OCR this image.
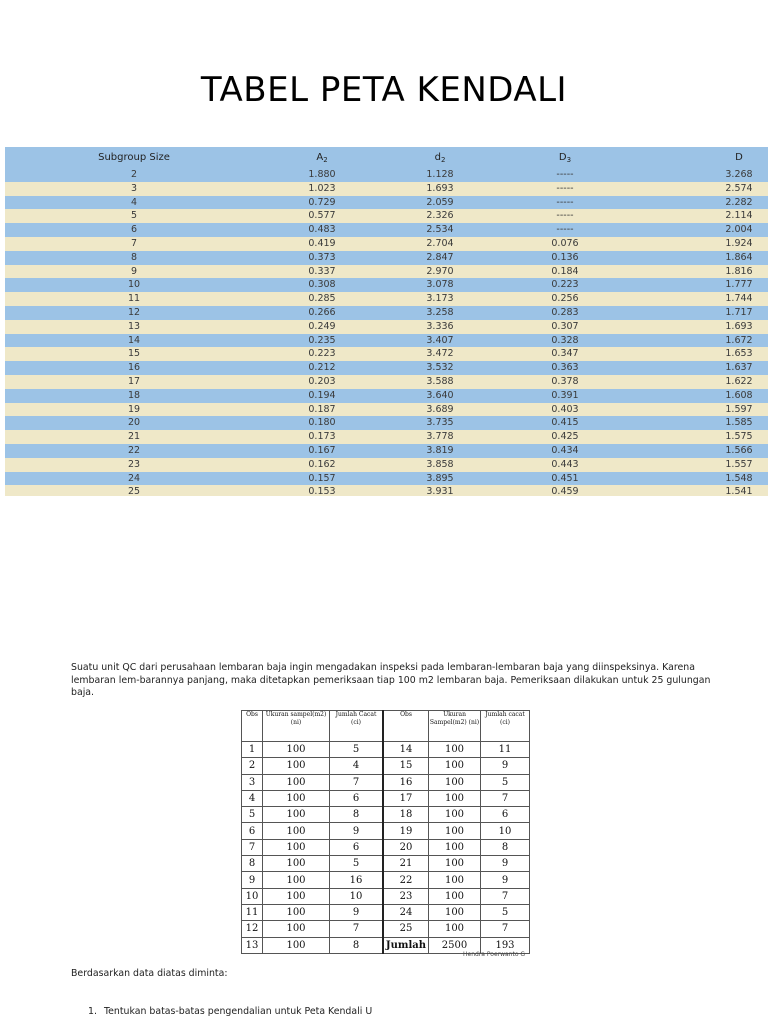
TABEL PETA KENDALI
Subgroup Size	$A_2$	$d_2$	$D_3$	D
2	1.880	1.128	-----	3.268
3	1.023	1.693	-----	2.574
4	0.729	2.059	-----	2.282
5	0.577	2.326	-----	2.114
6	0.483	2.534	-----	2.004
7	0.419	2.704	0.076	1.924
8	0.373	2.847	0.136	1.864
9	0.337	2.970	0.184	1.816
10	0.308	3.078	0.223	1.777
11	0.285	3.173	0.256	1.744
12	0.266	3.258	0.283	1.717
13	0.249	3.336	0.307	1.693
14	0.235	3.407	0.328	1.672
15	0.223	3.472	0.347	1.653
16	0.212	3.532	0.363	1.637
17	0.203	3.588	0.378	1.622
18	0.194	3.640	0.391	1.608
19	0.187	3.689	0.403	1.597
20	0.180	3.735	0.415	1.585
21	0.173	3.778	0.425	1.575
22	0.167	3.819	0.434	1.566
23	0.162	3.858	0.443	1.557
24	0.157	3.895	0.451	1.548
25	0.153	3.931	0.459	1.541
Suatu unit QC dari perusahaan lembaran baja ingin mengadakan inspeksi pada lembaran-lembaran baja yang diinspeksinya. Karena lembaran lem-barannya panjang, maka ditetapkan pemeriksaan tiap 100 m2 lembaran baja. Pemeriksaan dilakukan untuk 25 gulungan baja.
Obs	Ukuran sampel(m2) (ni)	Jumlah Cacat (ci)	Obs	Ukuran Sampel(m2) (ni)	Jumlah cacat (ci)
1	100	5	14	100	11
2	100	4	15	100	9
3	100	7	16	100	5
4	100	6	17	100	7
5	100	8	18	100	6
6	100	9	19	100	10
7	100	6	20	100	8
8	100	5	21	100	9
9	100	16	22	100	9
10	100	10	23	100	7
11	100	9	24	100	5
12	100	7	25	100	7
13	100	8	Jumlah	2500	193
Hendra Poerwanto G
Berdasarkan data diatas diminta:
1. Tentukan batas-batas pengendalian untuk Peta Kendali U
